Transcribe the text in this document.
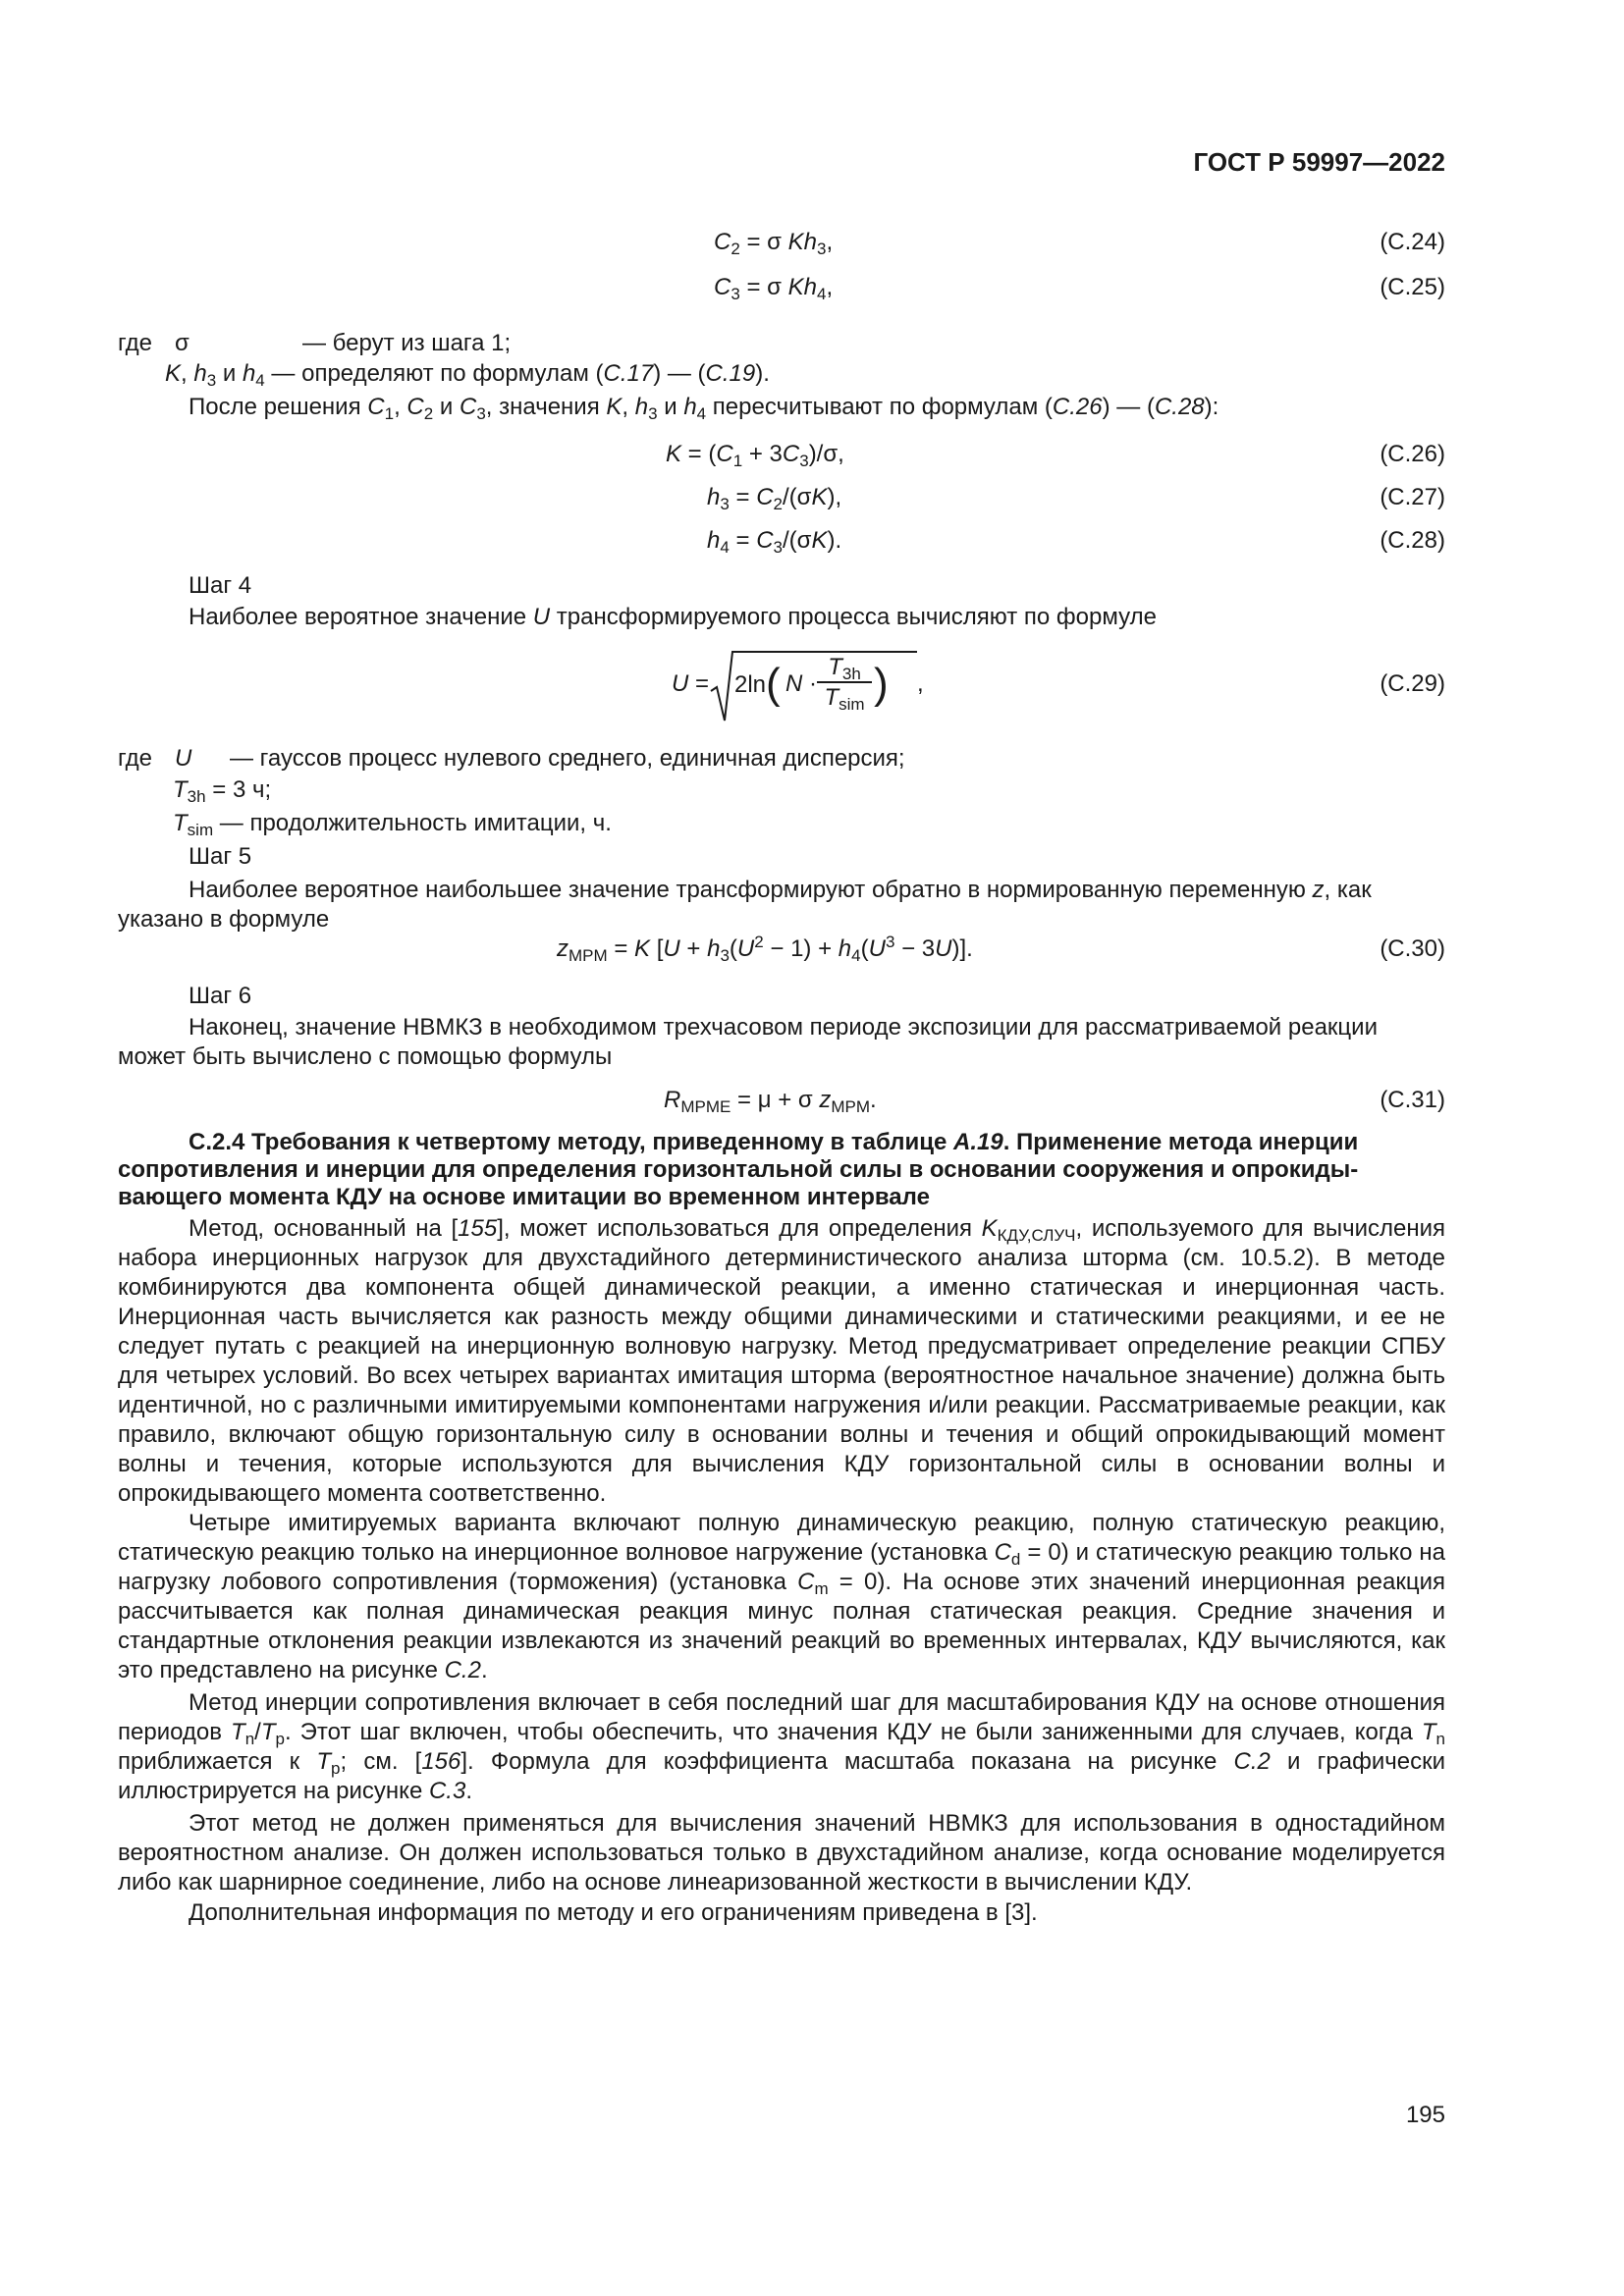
ГОСТ Р 59997—2022
$C_2 = \sigma$ $Kh_3$,	(C.24)
$C_3 = \sigma$ $Kh_4$,	(C.25)
где σ	— берут из шага 1;
K, $h_3$ и $h_4$ — определяют по формулам (C.17) — (C.19).
После решения $C_1$, $C_2$ и $C_3$, значения K, $h_3$ и $h_4$ пересчитывают по формулам (C.26) — (C.28):
$K = (C_1 + 3C_3)/\sigma$,	(C.26)
$h_3 = C_2/(\sigma K)$,	(C.27)
$h_4 = C_3/(\sigma K)$.	(C.28)
Шаг 4
Наиболее вероятное значение U трансформируемого процесса вычисляют по формуле
U = 2ln( N ·
$T_{3h}$
$T_{sim}$ ) ,	(C.29)
где U — гауссов процесс нулевого среднего, единичная дисперсия;
$T_{3h} = 3$ ч;
$T_{sim}$ — продолжительность имитации, ч.
Шаг 5
Наиболее вероятное наибольшее значение трансформируют обратно в нормированную переменную z, как
указано в формуле
$z_{MPM} = K$ $[U + h_3(U^2 - 1) + h_4(U^3 - 3U)]$.	(C.30)
Шаг 6
Наконец, значение НВМКЗ в необходимом трехчасовом периоде экспозиции для рассматриваемой реакции
может быть вычислено с помощью формулы
$R_{MPME} = \mu + \sigma$ $z_{MPM}$.	(C.31)
С.2.4 Требования к четвертому методу, приведенному в таблице А.19. Применение метода инерции
сопротивления и инерции для определения горизонтальной силы в основании сооружения и опрокиды-
вающего момента КДУ на основе имитации во временном интервале
Метод, основанный на [155], может использоваться для определения $K_{КДУ,СЛУЧ}$, используемого для вычисления набора инерционных нагрузок для двухстадийного детерминистического анализа шторма (см. 10.5.2). В методе комбинируются два компонента общей динамической реакции, а именно статическая и инерционная часть. Инерционная часть вычисляется как разность между общими динамическими и статическими реакциями, и ее не следует путать с реакцией на инерционную волновую нагрузку. Метод предусматривает определение реакции СПБУ для четырех условий. Во всех четырех вариантах имитация шторма (вероятностное начальное значение) должна быть идентичной, но с различными имитируемыми компонентами нагружения и/или реакции. Рассматриваемые реакции, как правило, включают общую горизонтальную силу в основании волны и течения и общий опрокидывающий момент волны и течения, которые используются для вычисления КДУ горизонтальной силы в основании волны и опрокидывающего момента соответственно.
Четыре имитируемых варианта включают полную динамическую реакцию, полную статическую реакцию, статическую реакцию только на инерционное волновое нагружение (установка $C_d = 0$) и статическую реакцию только на нагрузку лобового сопротивления (торможения) (установка $C_m = 0$). На основе этих значений инерционная реакция рассчитывается как полная динамическая реакция минус полная статическая реакция. Средние значения и стандартные отклонения реакции извлекаются из значений реакций во временных интервалах, КДУ вычисляются, как это представлено на рисунке С.2.
Метод инерции сопротивления включает в себя последний шаг для масштабирования КДУ на основе отношения периодов $T_n/T_p$. Этот шаг включен, чтобы обеспечить, что значения КДУ не были заниженными для случаев, когда $T_n$ приближается к $T_p$; см. [156]. Формула для коэффициента масштаба показана на рисунке С.2 и графически иллюстрируется на рисунке С.3.
Этот метод не должен применяться для вычисления значений НВМКЗ для использования в одностадийном вероятностном анализе. Он должен использоваться только в двухстадийном анализе, когда основание моделируется либо как шарнирное соединение, либо на основе линеаризованной жесткости в вычислении КДУ.
Дополнительная информация по методу и его ограничениям приведена в [3].
195
